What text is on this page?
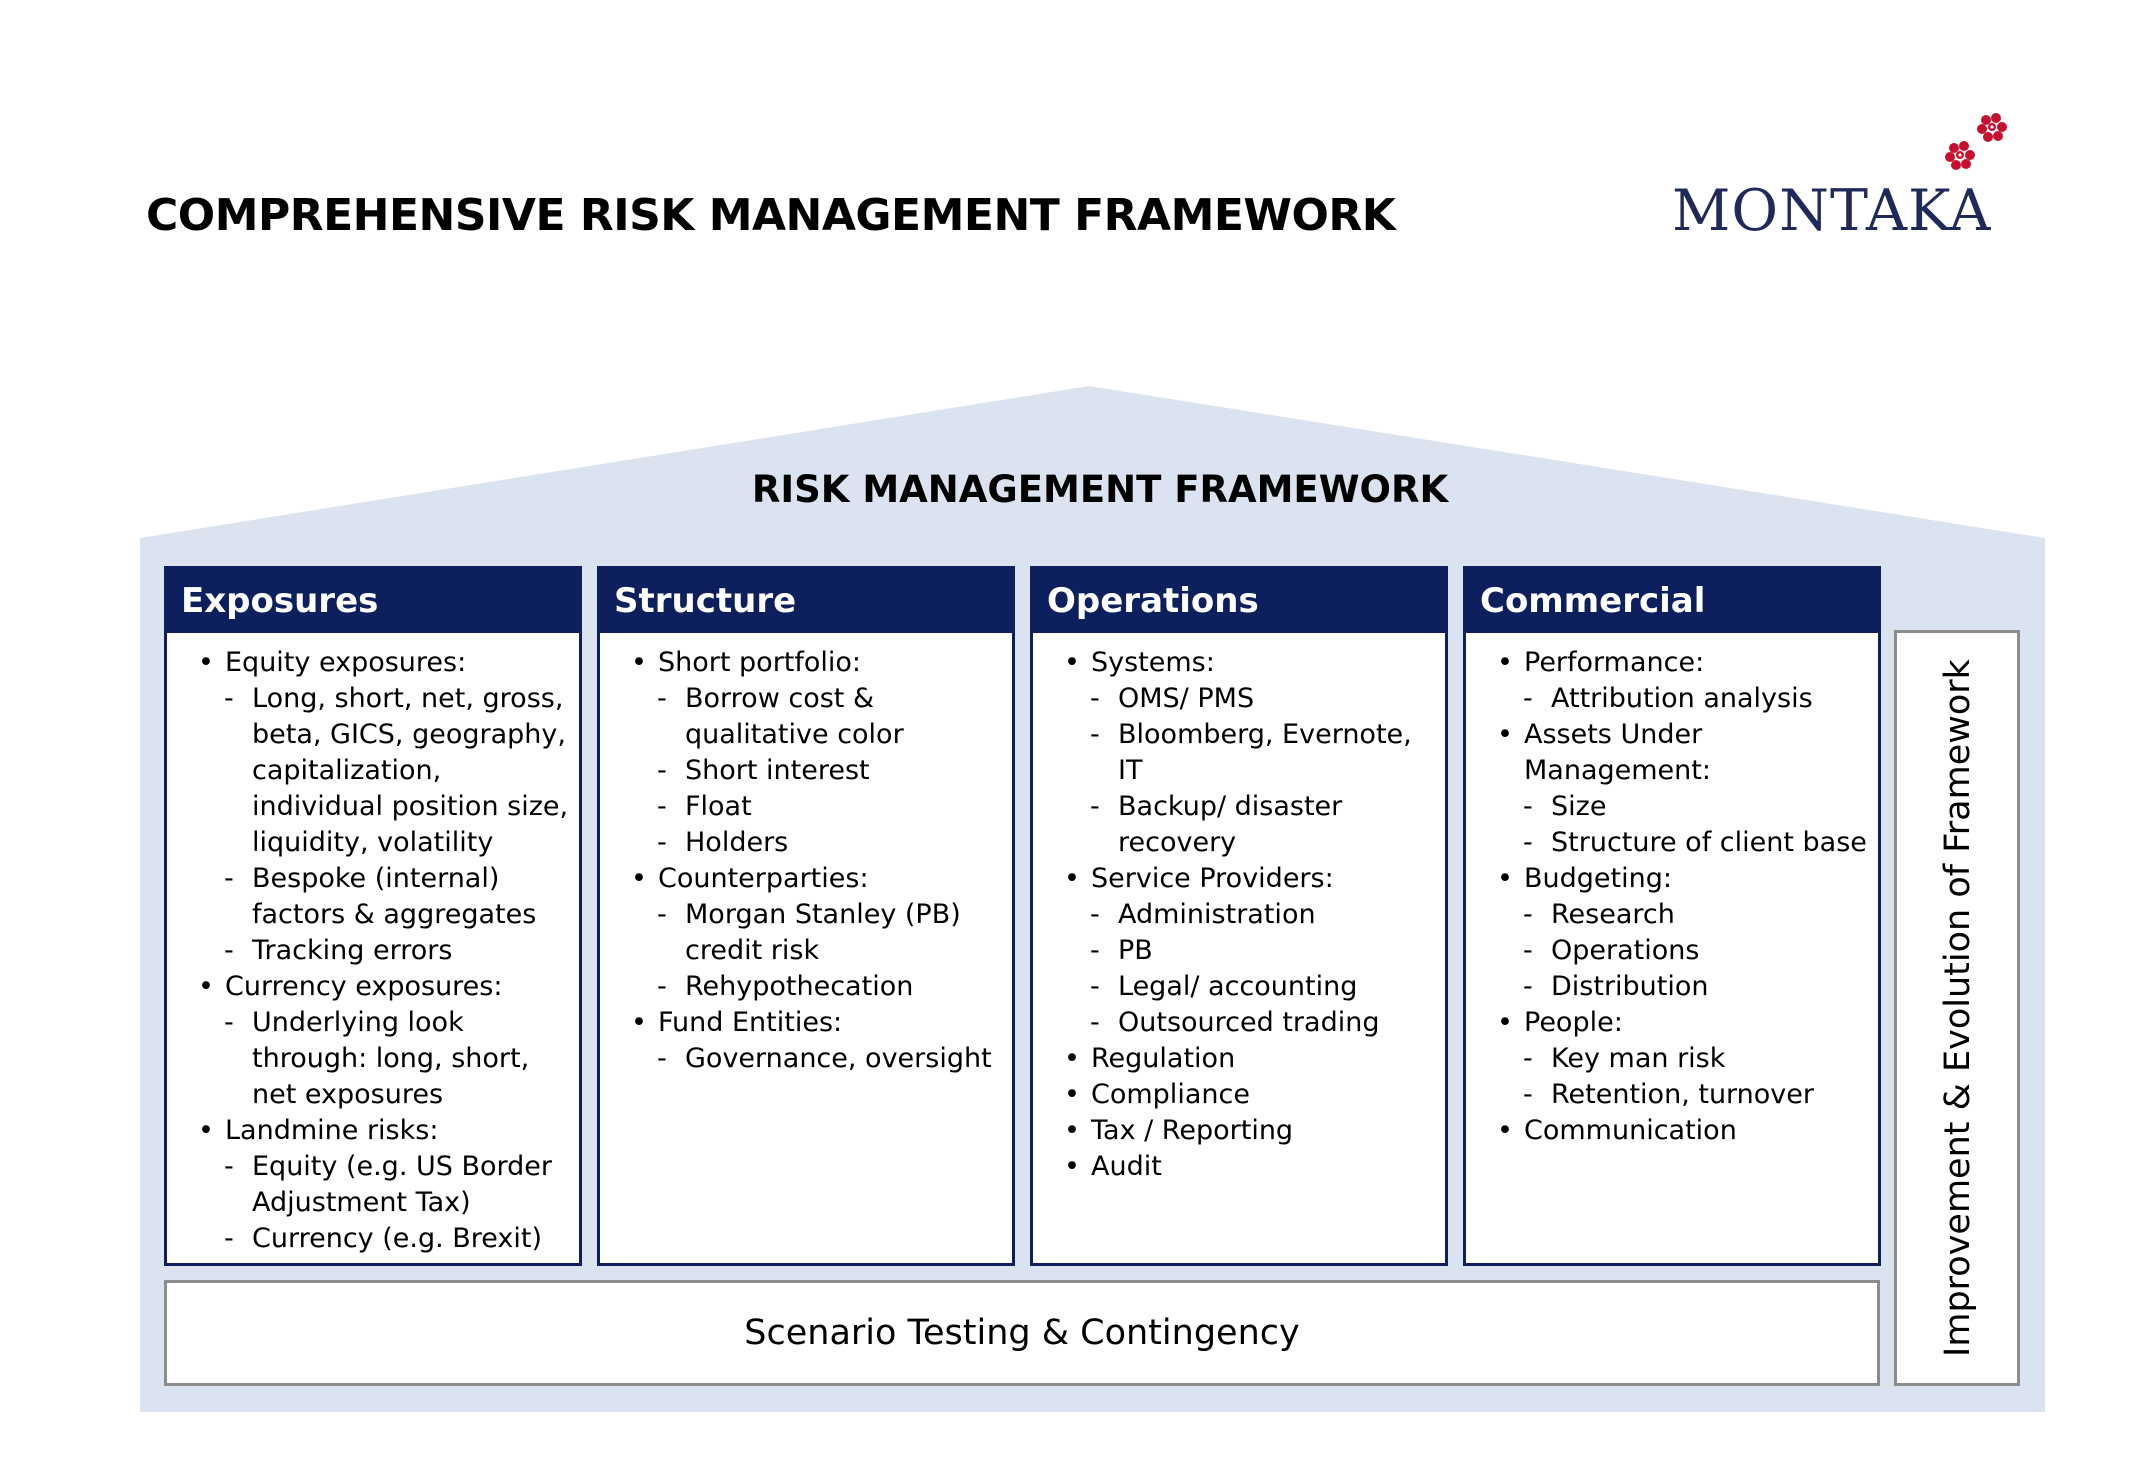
COMPREHENSIVE RISK MANAGEMENT FRAMEWORK	MONTAKA
RISK MANAGEMENT FRAMEWORK
Exposures
• Equity exposures:
- Long, short, net, gross, beta, GICS, geography, capitalization, individual position size, liquidity, volatility
- Bespoke (internal) factors & aggregates
- Tracking errors
• Currency exposures:
- Underlying look through: long, short, net exposures
• Landmine risks:
- Equity (e.g. US Border Adjustment Tax)
- Currency (e.g. Brexit)
Structure
• Short portfolio:
- Borrow cost & qualitative color
- Short interest
- Float
- Holders
• Counterparties:
- Morgan Stanley (PB) credit risk
- Rehypothecation
• Fund Entities:
- Governance, oversight
Operations
• Systems:
- OMS/ PMS
- Bloomberg, Evernote, IT
- Backup/ disaster recovery
• Service Providers:
- Administration
- PB
- Legal/ accounting
- Outsourced trading
• Regulation
• Compliance
• Tax / Reporting
• Audit
Commercial
• Performance:
- Attribution analysis
• Assets Under Management:
- Size
- Structure of client base
• Budgeting:
- Research
- Operations
- Distribution
• People:
- Key man risk
- Retention, turnover
• Communication
Scenario Testing & Contingency	Improvement & Evolution of Framework
